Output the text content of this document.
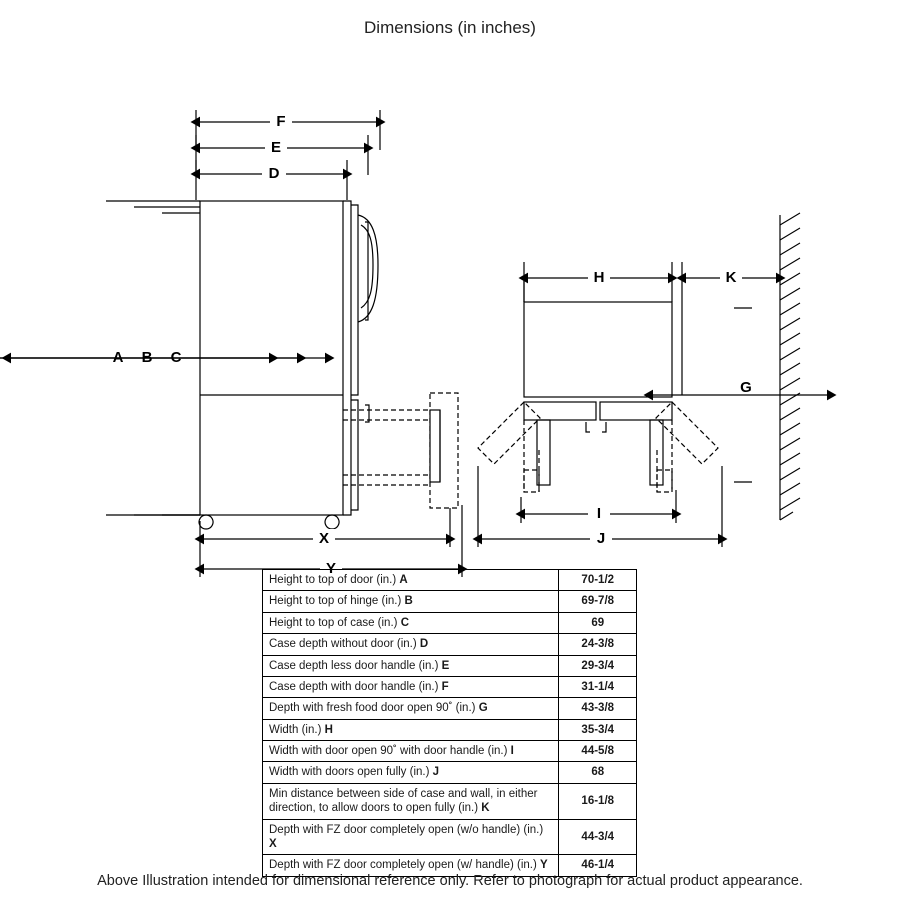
Dimensions (in inches)
F
E
D
A B C
X
Y
H	K
G
I
J
Height to top of door (in.) A	70-1/2
Height to top of hinge (in.) B	69-7/8
Height to top of case (in.) C	69
Case depth without door (in.) D	24-3/8
Case depth less door handle (in.) E	29-3/4
Case depth with door handle (in.) F	31-1/4
Depth with fresh food door open 90˚ (in.) G	43-3/8
Width (in.) H	35-3/4
Width with door open 90˚ with door handle (in.) I	44-5/8
Width with doors open fully (in.) J	68
Min distance between side of case and wall, in either direction, to allow doors to open fully (in.) K	16-1/8
Depth with FZ door completely open (w/o handle) (in.) X	44-3/4
Depth with FZ door completely open (w/ handle) (in.) Y	46-1/4
Above Illustration intended for dimensional reference only. Refer to photograph for actual product appearance.
